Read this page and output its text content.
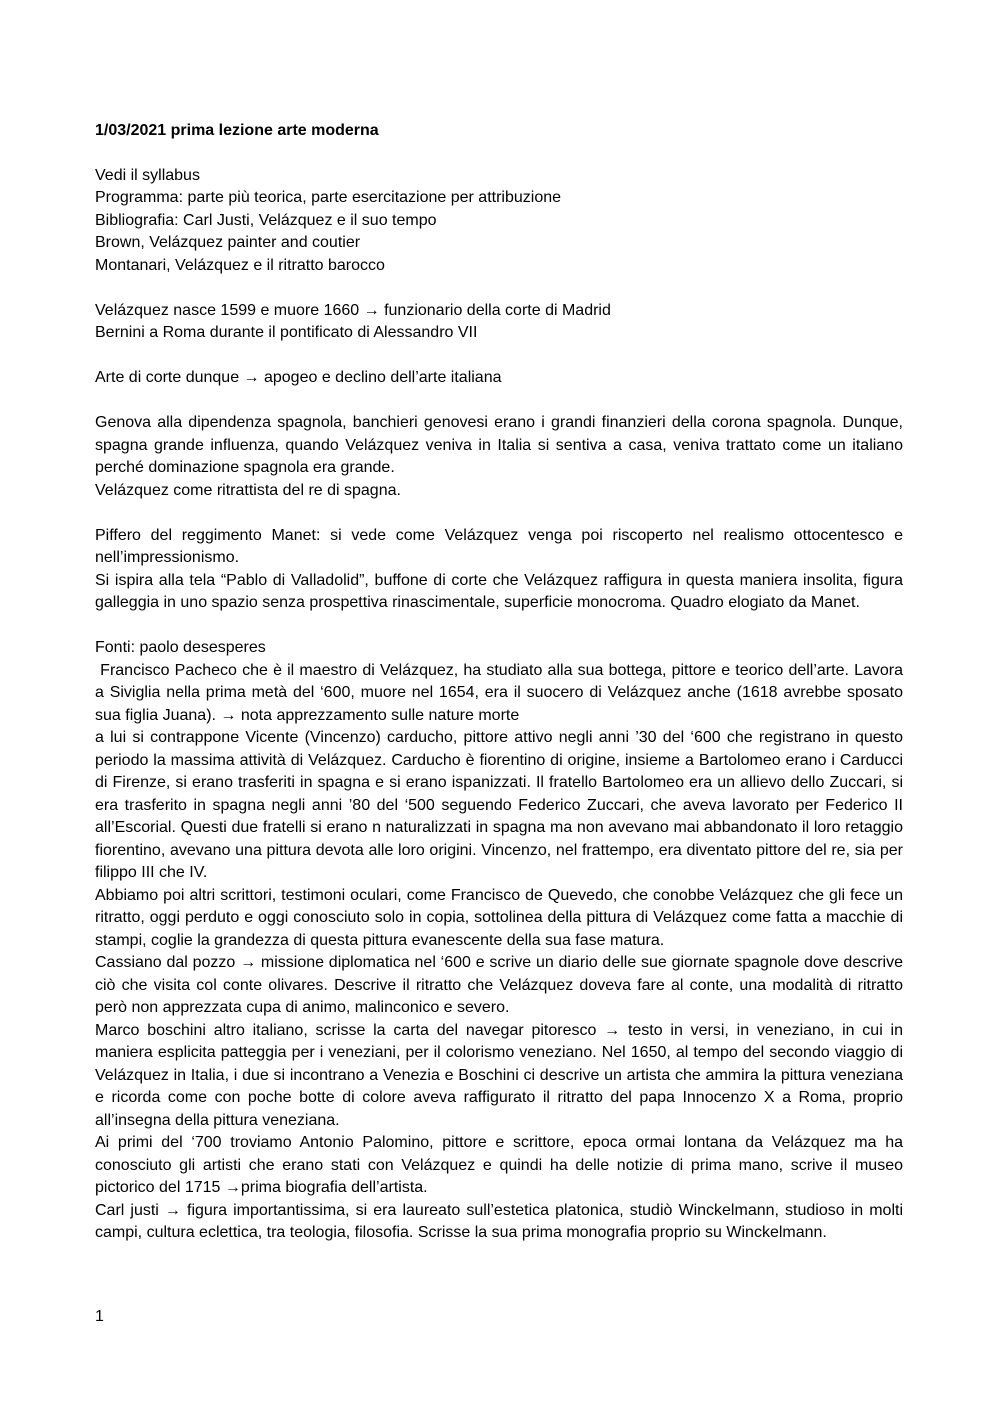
1/03/2021 prima lezione arte moderna

Vedi il syllabus

Programma: parte più teorica, parte esercitazione per attribuzione

Bibliografia: Carl Justi, Velázquez e il suo tempo

Brown, Velázquez painter and coutier

Montanari, Velázquez e il ritratto barocco

Velázquez nasce 1599 e muore 1660 → funzionario della corte di Madrid

Bernini a Roma durante il pontificato di Alessandro VII

Arte di corte dunque → apogeo e declino dell’arte italiana

Genova alla dipendenza spagnola, banchieri genovesi erano i grandi finanzieri della corona spagnola. Dunque, spagna grande influenza, quando Velázquez veniva in Italia si sentiva a casa, veniva trattato come un italiano perché dominazione spagnola era grande.

Velázquez come ritrattista del re di spagna.

Piffero del reggimento Manet: si vede come Velázquez venga poi riscoperto nel realismo ottocentesco e nell’impressionismo.

Si ispira alla tela “Pablo di Valladolid”, buffone di corte che Velázquez raffigura in questa maniera insolita, figura galleggia in uno spazio senza prospettiva rinascimentale, superficie monocroma. Quadro elogiato da Manet.

Fonti: paolo desesperes

Francisco Pacheco che è il maestro di Velázquez, ha studiato alla sua bottega, pittore e teorico dell’arte. Lavora a Siviglia nella prima metà del ‘600, muore nel 1654, era il suocero di Velázquez anche (1618 avrebbe sposato sua figlia Juana). → nota apprezzamento sulle nature morte

a lui si contrappone Vicente (Vincenzo) carducho, pittore attivo negli anni ’30 del ‘600 che registrano in questo periodo la massima attività di Velázquez. Carducho è fiorentino di origine, insieme a Bartolomeo erano i Carducci di Firenze, si erano trasferiti in spagna e si erano ispanizzati. Il fratello Bartolomeo era un allievo dello Zuccari, si era trasferito in spagna negli anni ’80 del ‘500 seguendo Federico Zuccari, che aveva lavorato per Federico II all’Escorial. Questi due fratelli si erano n naturalizzati in spagna ma non avevano mai abbandonato il loro retaggio fiorentino, avevano una pittura devota alle loro origini. Vincenzo, nel frattempo, era diventato pittore del re, sia per filippo III che IV.

Abbiamo poi altri scrittori, testimoni oculari, come Francisco de Quevedo, che conobbe Velázquez che gli fece un ritratto, oggi perduto e oggi conosciuto solo in copia, sottolinea della pittura di Velázquez come fatta a macchie di stampi, coglie la grandezza di questa pittura evanescente della sua fase matura.

Cassiano dal pozzo → missione diplomatica nel ‘600 e scrive un diario delle sue giornate spagnole dove descrive ciò che visita col conte olivares. Descrive il ritratto che Velázquez doveva fare al conte, una modalità di ritratto però non apprezzata cupa di animo, malinconico e severo.

Marco boschini altro italiano, scrisse la carta del navegar pitoresco → testo in versi, in veneziano, in cui in maniera esplicita patteggia per i veneziani, per il colorismo veneziano. Nel 1650, al tempo del secondo viaggio di Velázquez in Italia, i due si incontrano a Venezia e Boschini ci descrive un artista che ammira la pittura veneziana e ricorda come con poche botte di colore aveva raffigurato il ritratto del papa Innocenzo X a Roma, proprio all’insegna della pittura veneziana.

Ai primi del ‘700 troviamo Antonio Palomino, pittore e scrittore, epoca ormai lontana da Velázquez ma ha conosciuto gli artisti che erano stati con Velázquez e quindi ha delle notizie di prima mano, scrive il museo pictorico del 1715 →prima biografia dell’artista.

Carl justi → figura importantissima, si era laureato sull’estetica platonica, studiò Winckelmann, studioso in molti campi, cultura eclettica, tra teologia, filosofia. Scrisse la sua prima monografia proprio su Winckelmann.

1
